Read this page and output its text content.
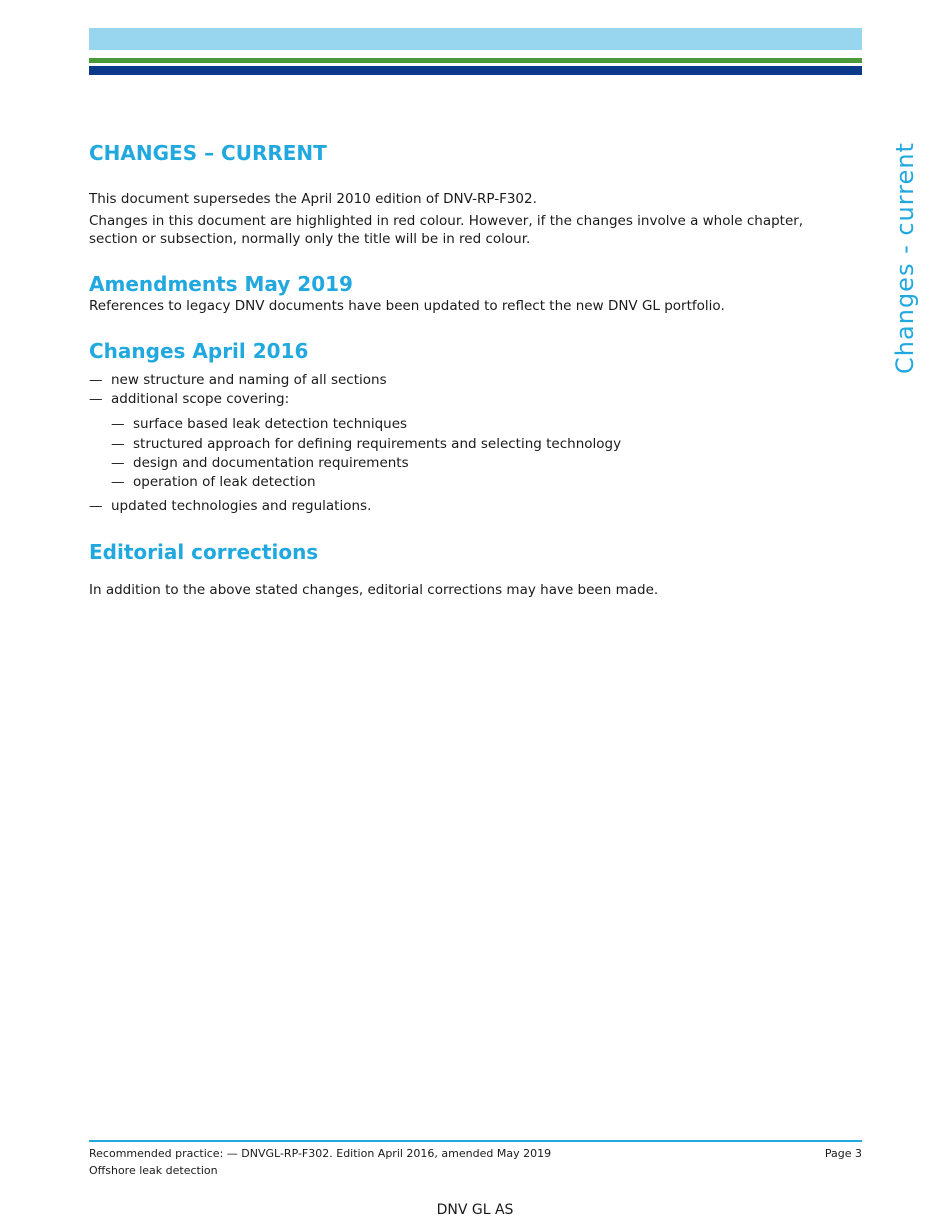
Changes - current
CHANGES – CURRENT

This document supersedes the April 2010 edition of DNV-RP-F302.

Changes in this document are highlighted in red colour. However, if the changes involve a whole chapter, section or subsection, normally only the title will be in red colour.

Amendments May 2019

References to legacy DNV documents have been updated to reflect the new DNV GL portfolio.

Changes April 2016
— new structure and naming of all sections
— additional scope covering:
— surface based leak detection techniques
— structured approach for defining requirements and selecting technology
— design and documentation requirements
— operation of leak detection
— updated technologies and regulations.
Editorial corrections

In addition to the above stated changes, editorial corrections may have been made.

Recommended practice: — DNVGL-RP-F302. Edition April 2016, amended May 2019
Offshore leak detection
Page 3
DNV GL AS
